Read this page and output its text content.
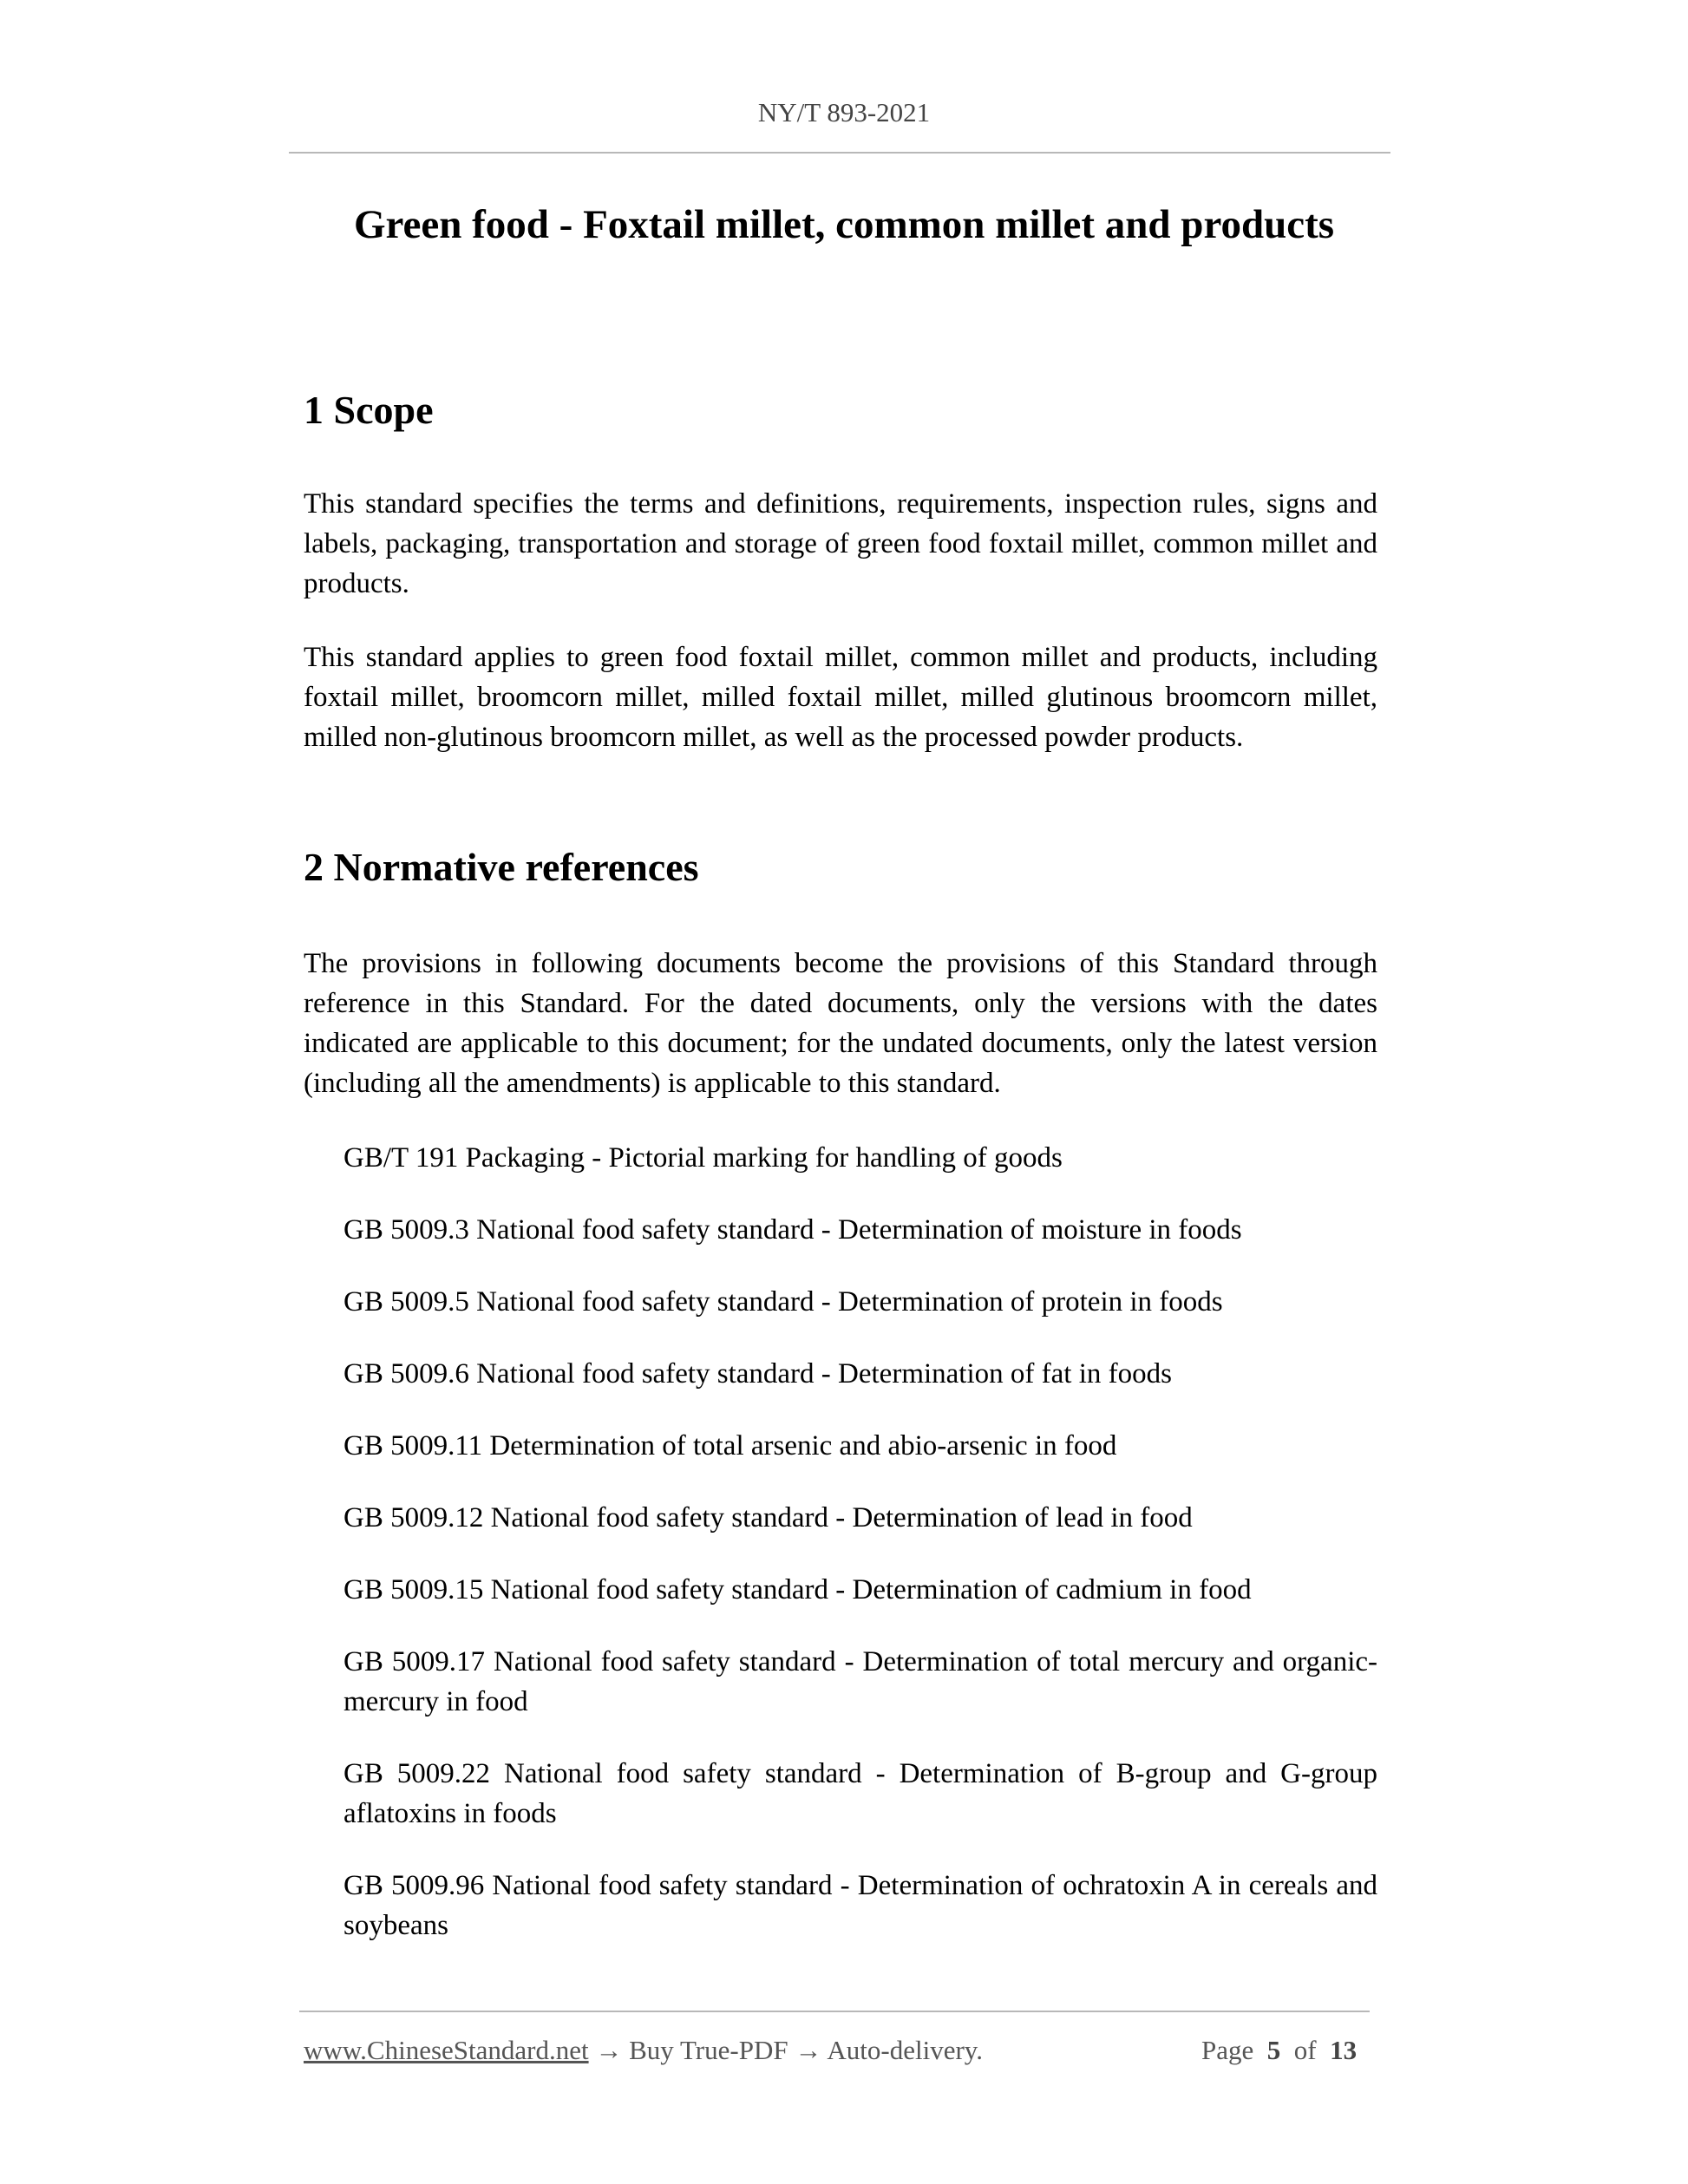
NY/T 893-2021
Green food - Foxtail millet, common millet and products
1 Scope

This standard specifies the terms and definitions, requirements, inspection rules, signs and labels, packaging, transportation and storage of green food foxtail millet, common millet and products.

This standard applies to green food foxtail millet, common millet and products, including foxtail millet, broomcorn millet, milled foxtail millet, milled glutinous broomcorn millet, milled non-glutinous broomcorn millet, as well as the processed powder products.

2 Normative references

The provisions in following documents become the provisions of this Standard through reference in this Standard. For the dated documents, only the versions with the dates indicated are applicable to this document; for the undated documents, only the latest version (including all the amendments) is applicable to this standard.

GB/T 191 Packaging - Pictorial marking for handling of goods

GB 5009.3 National food safety standard - Determination of moisture in foods

GB 5009.5 National food safety standard - Determination of protein in foods

GB 5009.6 National food safety standard - Determination of fat in foods

GB 5009.11 Determination of total arsenic and abio-arsenic in food

GB 5009.12 National food safety standard - Determination of lead in food

GB 5009.15 National food safety standard - Determination of cadmium in food

GB 5009.17 National food safety standard - Determination of total mercury and organic-mercury in food

GB 5009.22 National food safety standard - Determination of B-group and G-group aflatoxins in foods

GB 5009.96 National food safety standard - Determination of ochratoxin A in cereals and soybeans

www.ChineseStandard.net → Buy True-PDF → Auto-delivery.	Page 5 of 13
